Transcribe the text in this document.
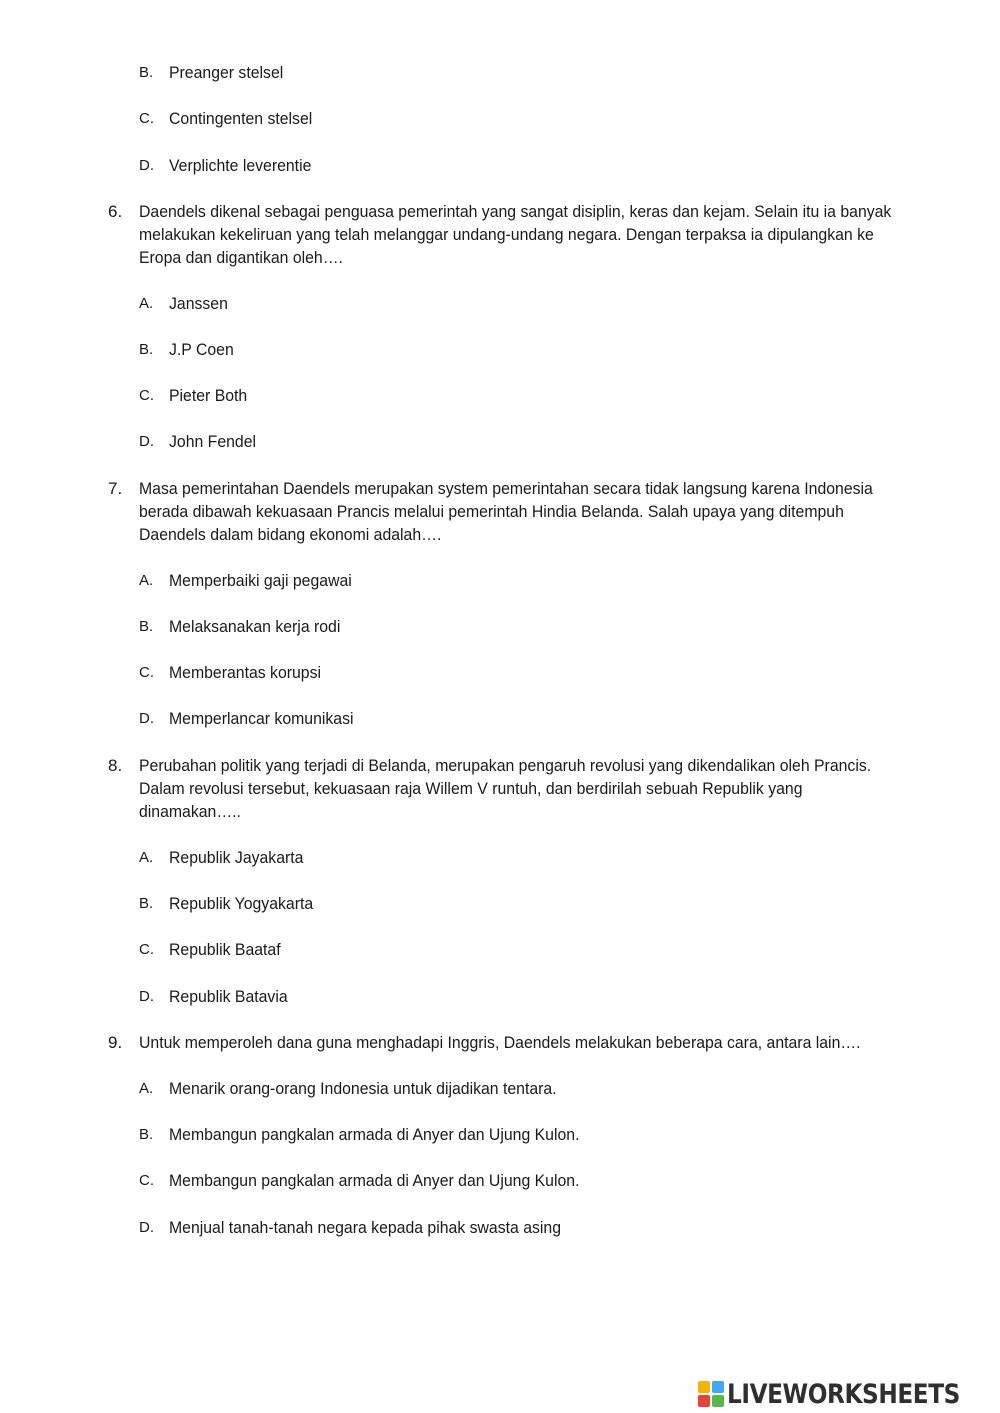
B. Preanger stelsel
C. Contingenten stelsel
D. Verplichte leverentie
6. Daendels dikenal sebagai penguasa pemerintah yang sangat disiplin, keras dan kejam. Selain itu ia banyak
melakukan kekeliruan yang telah melanggar undang-undang negara. Dengan terpaksa ia dipulangkan ke
Eropa dan digantikan oleh….
A. Janssen
B. J.P Coen
C. Pieter Both
D. John Fendel
7. Masa pemerintahan Daendels merupakan system pemerintahan secara tidak langsung karena Indonesia
berada dibawah kekuasaan Prancis melalui pemerintah Hindia Belanda. Salah upaya yang ditempuh
Daendels dalam bidang ekonomi adalah….
A. Memperbaiki gaji pegawai
B. Melaksanakan kerja rodi
C. Memberantas korupsi
D. Memperlancar komunikasi
8. Perubahan politik yang terjadi di Belanda, merupakan pengaruh revolusi yang dikendalikan oleh Prancis.
Dalam revolusi tersebut, kekuasaan raja Willem V runtuh, dan berdirilah sebuah Republik yang
dinamakan…..
A. Republik Jayakarta
B. Republik Yogyakarta
C. Republik Baataf
D. Republik Batavia
9. Untuk memperoleh dana guna menghadapi Inggris, Daendels melakukan beberapa cara, antara lain….
A. Menarik orang-orang Indonesia untuk dijadikan tentara.
B. Membangun pangkalan armada di Anyer dan Ujung Kulon.
C. Membangun pangkalan armada di Anyer dan Ujung Kulon.
D. Menjual tanah-tanah negara kepada pihak swasta asing
LIVEWORKSHEETS
